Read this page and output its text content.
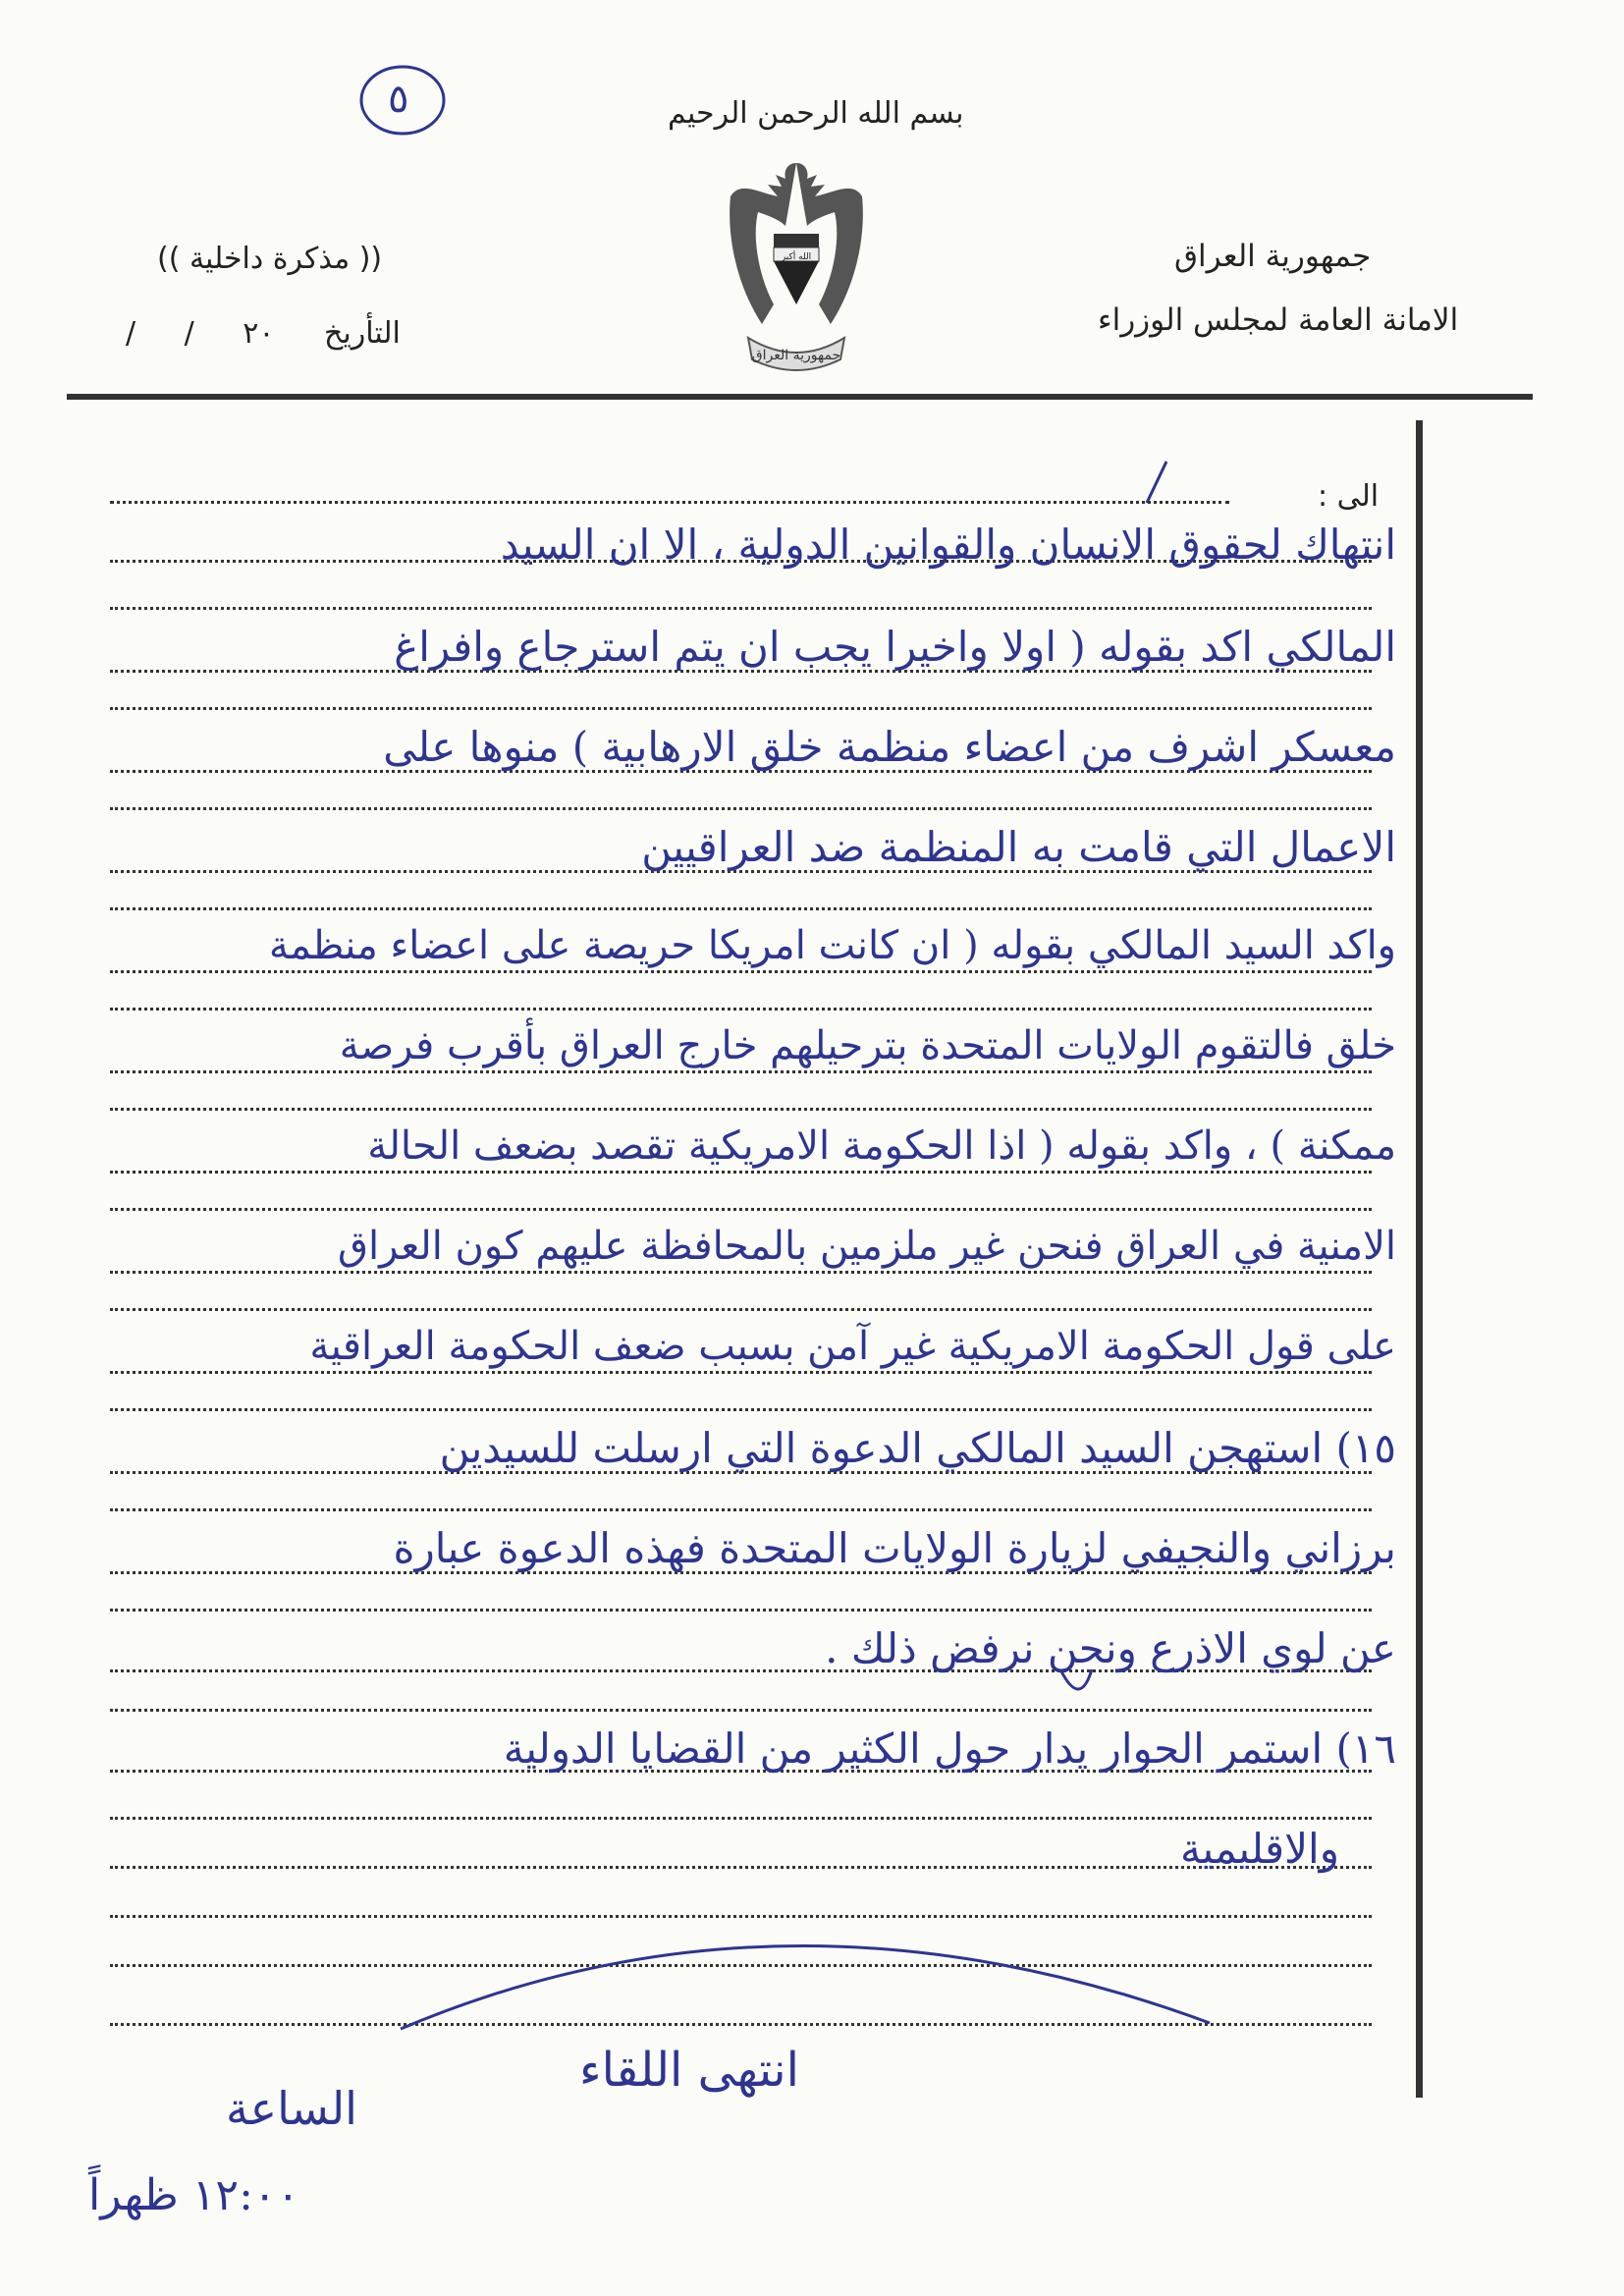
٥	بسم الله الرحمن الرحيم
الله أكبر
جمهورية العراق
(( مذكرة داخلية ))
التأريخ
/ / ٢٠
جمهورية العراق
الامانة العامة لمجلس الوزراء
الى :
انتهاك لحقوق الانسان والقوانين الدولية ، الا ان السيد
المالكي اكد بقوله ( اولا واخيرا يجب ان يتم استرجاع وافراغ
معسكر اشرف من اعضاء منظمة خلق الارهابية ) منوها على
الاعمال التي قامت به المنظمة ضد العراقيين
واكد السيد المالكي بقوله ( ان كانت امريكا حريصة على اعضاء منظمة
خلق فالتقوم الولايات المتحدة بترحيلهم خارج العراق بأقرب فرصة
ممكنة ) ، واكد بقوله ( اذا الحكومة الامريكية تقصد بضعف الحالة
الامنية في العراق فنحن غير ملزمين بالمحافظة عليهم كون العراق
على قول الحكومة الامريكية غير آمن بسبب ضعف الحكومة العراقية
١٥) استهجن السيد المالكي الدعوة التي ارسلت للسيدين
برزاني والنجيفي لزيارة الولايات المتحدة فهذه الدعوة عبارة
عن لوي الاذرع ونحن نرفض ذلك .
١٦) استمر الحوار يدار حول الكثير من القضايا الدولية
والاقليمية
انتهى اللقاء
الساعة
١٢:٠٠ ظهراً
